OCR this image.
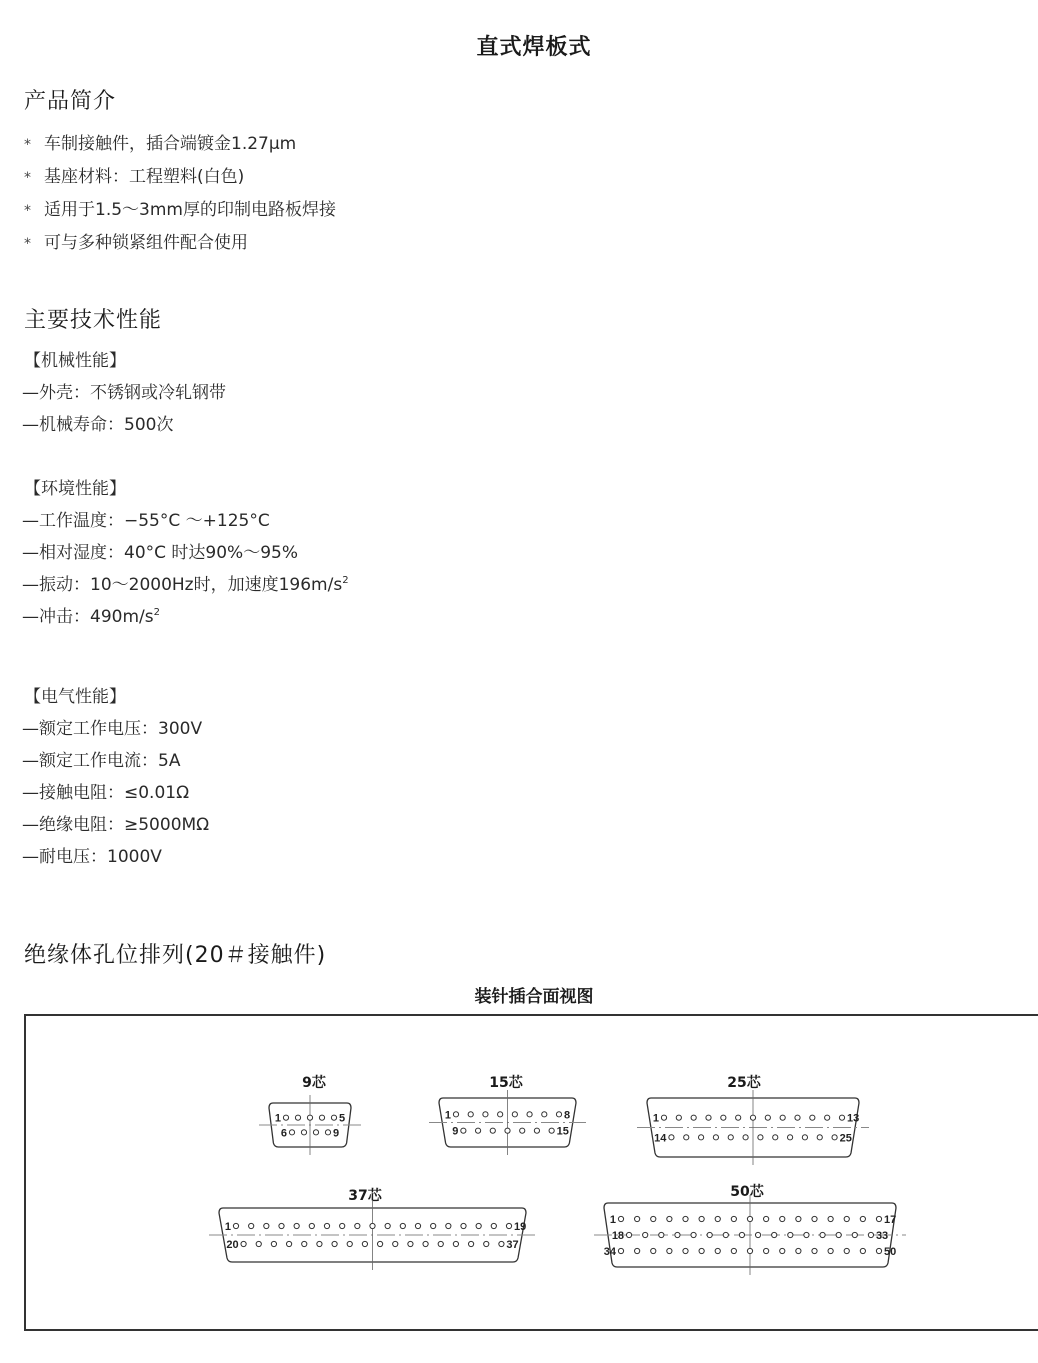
直式焊板式
产品简介
* 车制接触件，插合端镀金1.27μm
* 基座材料：工程塑料(白色)
* 适用于1.5～3mm厚的印制电路板焊接
* 可与多种锁紧组件配合使用
主要技术性能
【机械性能】
—外壳：不锈钢或冷轧钢带
—机械寿命：500次
【环境性能】
—工作温度：−55°C ～+125°C
—相对湿度：40°C 时达90%～95%
—振动：10～2000Hz时，加速度$196m/s^2$
—冲击：$490m/s^2$
【电气性能】
—额定工作电压：300V
—额定工作电流：5A
—接触电阻：≤0.01Ω
—绝缘电阻：≥5000MΩ
—耐电压：1000V
绝缘体孔位排列(20＃接触件)
装针插合面视图
9芯	15芯	25芯
37芯	50芯
1	5
6	9
1	8
9	15
1	13
14	25
1	19
20	37
1	17
18	33
34	50
